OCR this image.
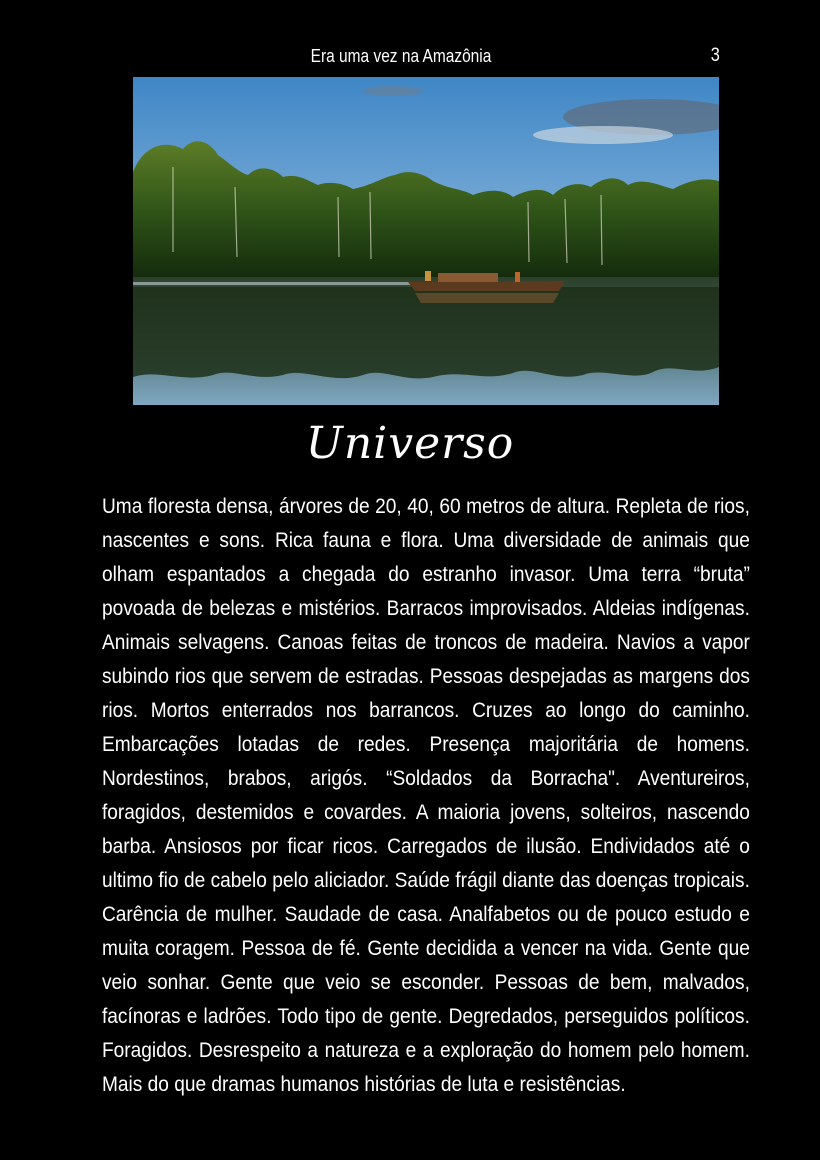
Era uma vez na Amazônia	3
Universo
Uma floresta densa, árvores de 20, 40, 60 metros de altura. Repleta de rios, nascentes e sons. Rica fauna e flora. Uma diversidade de animais que olham espantados a chegada do estranho invasor. Uma terra “bruta” povoada de belezas e mistérios. Barracos improvisados. Aldeias indígenas. Animais selvagens. Canoas feitas de troncos de madeira. Navios a vapor subindo rios que servem de estradas. Pessoas despejadas as margens dos rios. Mortos enterrados nos barrancos. Cruzes ao longo do caminho. Embarcações lotadas de redes. Presença majoritária de homens. Nordestinos, brabos, arigós. “Soldados da Borracha". Aventureiros, foragidos, destemidos e covardes. A maioria jovens, solteiros, nascendo barba. Ansiosos por ficar ricos. Carregados de ilusão. Endividados até o ultimo fio de cabelo pelo aliciador. Saúde frágil diante das doenças tropicais. Carência de mulher. Saudade de casa. Analfabetos ou de pouco estudo e muita coragem. Pessoa de fé. Gente decidida a vencer na vida. Gente que veio sonhar. Gente que veio se esconder. Pessoas de bem, malvados, facínoras e ladrões. Todo tipo de gente. Degredados, perseguidos políticos. Foragidos. Desrespeito a natureza e a exploração do homem pelo homem. Mais do que dramas humanos histórias de luta e resistências.
